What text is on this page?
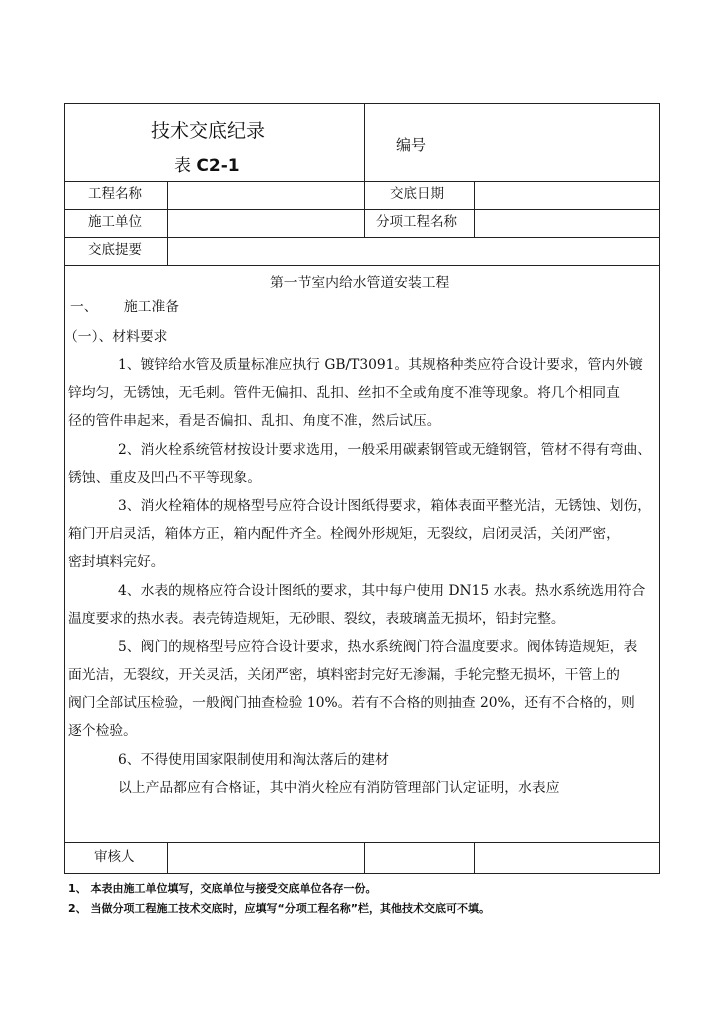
技术交底纪录
表 C2-1
编号
工程名称	交底日期
施工单位	分项工程名称
交底提要
第一节室内给水管道安装工程
一、      施工准备
（一）、材料要求
1、镀锌给水管及质量标准应执行 GB/T3091。其规格种类应符合设计要求，管内外镀
锌均匀，无锈蚀，无毛刺。管件无偏扣、乱扣、丝扣不全或角度不准等现象。将几个相同直
径的管件串起来，看是否偏扣、乱扣、角度不准，然后试压。
2、消火栓系统管材按设计要求选用，一般采用碳素钢管或无缝钢管，管材不得有弯曲、
锈蚀、重皮及凹凸不平等现象。
3、消火栓箱体的规格型号应符合设计图纸得要求，箱体表面平整光洁，无锈蚀、划伤，
箱门开启灵活，箱体方正，箱内配件齐全。栓阀外形规矩，无裂纹，启闭灵活，关闭严密，
密封填料完好。
4、水表的规格应符合设计图纸的要求，其中每户使用 DN15 水表。热水系统选用符合
温度要求的热水表。表壳铸造规矩，无砂眼、裂纹，表玻璃盖无损坏，铅封完整。
5、阀门的规格型号应符合设计要求，热水系统阀门符合温度要求。阀体铸造规矩，表
面光洁，无裂纹，开关灵活，关闭严密，填料密封完好无渗漏，手轮完整无损坏，干管上的
阀门全部试压检验，一般阀门抽查检验 10%。若有不合格的则抽查 20%，还有不合格的，则
逐个检验。
6、不得使用国家限制使用和淘汰落后的建材
以上产品都应有合格证，其中消火栓应有消防管理部门认定证明，水表应
审核人
1、 本表由施工单位填写，交底单位与接受交底单位各存一份。
2、 当做分项工程施工技术交底时，应填写“分项工程名称”栏，其他技术交底可不填。
